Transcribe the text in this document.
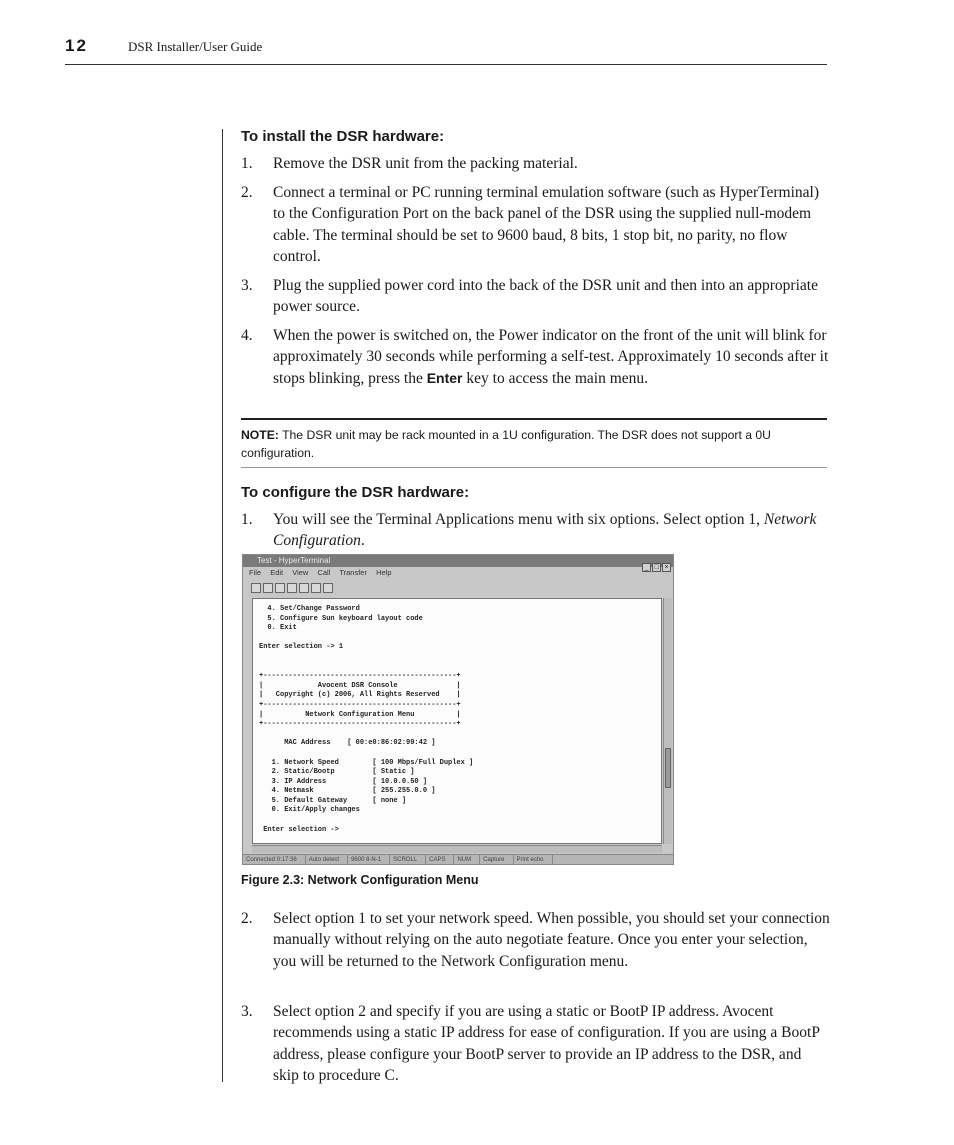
12	DSR Installer/User Guide
To install the DSR hardware:
1. Remove the DSR unit from the packing material.
2. Connect a terminal or PC running terminal emulation software (such as HyperTerminal) to the Configuration Port on the back panel of the DSR using the supplied null-modem cable. The terminal should be set to 9600 baud, 8 bits, 1 stop bit, no parity, no flow control.
3. Plug the supplied power cord into the back of the DSR unit and then into an appropriate power source.
4. When the power is switched on, the Power indicator on the front of the unit will blink for approximately 30 seconds while performing a self-test. Approximately 10 seconds after it stops blinking, press the Enter key to access the main menu.
NOTE: The DSR unit may be rack mounted in a 1U configuration. The DSR does not support a 0U configuration.
To configure the DSR hardware:
1. You will see the Terminal Applications menu with six options. Select option 1, Network Configuration.
Test - HyperTerminal
_ □ ×
File Edit View Call Transfer Help
4. Set/Change Password
5. Configure Sun keyboard layout code
0. Exit

Enter selection -> 1

+----------------------------------------------+
|             Avocent DSR Console              |
|   Copyright (c) 2006, All Rights Reserved    |
+----------------------------------------------+
|          Network Configuration Menu          |
+----------------------------------------------+

MAC Address    [ 00:e0:86:02:99:42 ]

1. Network Speed        [ 100 Mbps/Full Duplex ]
2. Static/Bootp         [ Static ]
3. IP Address           [ 10.0.0.50 ]
4. Netmask              [ 255.255.0.0 ]
5. Default Gateway      [ none ]
0. Exit/Apply changes

Enter selection ->
Connected 0:17:36 Auto detect 9600 8-N-1 SCROLL CAPS NUM Capture Print echo
Figure 2.3: Network Configuration Menu
2. Select option 1 to set your network speed. When possible, you should set your connection manually without relying on the auto negotiate feature. Once you enter your selection, you will be returned to the Network Configuration menu.
3. Select option 2 and specify if you are using a static or BootP IP address. Avocent recommends using a static IP address for ease of configuration. If you are using a BootP address, please configure your BootP server to provide an IP address to the DSR, and skip to procedure C.
